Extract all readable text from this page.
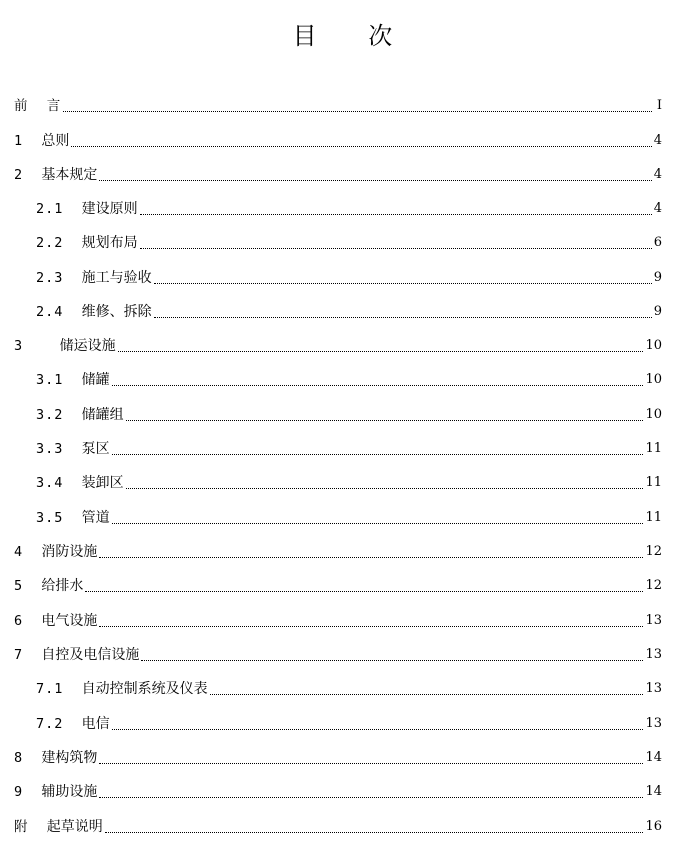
目 次
前  言	I
1 总则	4
2 基本规定	4
2.1 建设原则	4
2.2 规划布局	6
2.3 施工与验收	9
2.4 维修、拆除	9
3 储运设施	10
3.1 储罐	10
3.2 储罐组	10
3.3 泵区	11
3.4 装卸区	11
3.5 管道	11
4 消防设施	12
5 给排水	12
6 电气设施	13
7 自控及电信设施	13
7.1 自动控制系统及仪表	13
7.2 电信	13
8 建构筑物	14
9 辅助设施	14
附 起草说明	16
